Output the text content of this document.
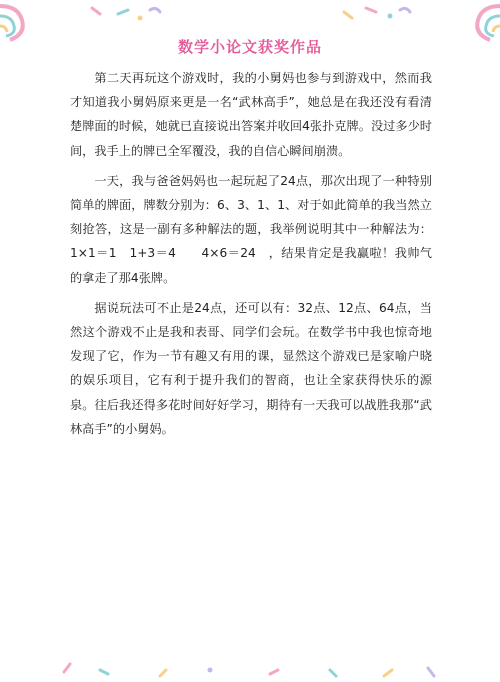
数学小论文获奖作品

第二天再玩这个游戏时，我的小舅妈也参与到游戏中，然而我才知道我小舅妈原来更是一名“武林高手”，她总是在我还没有看清楚牌面的时候，她就已直接说出答案并收回4张扑克牌。没过多少时间，我手上的牌已全军覆没，我的自信心瞬间崩溃。

一天，我与爸爸妈妈也一起玩起了24点，那次出现了一种特别简单的牌面，牌数分别为：6、3、1、1、对于如此简单的我当然立刻抢答，这是一副有多种解法的题，我举例说明其中一种解法为：1×1＝1　1+3＝4　　4×6＝24　，结果肯定是我赢啦！我帅气的拿走了那4张牌。

据说玩法可不止是24点，还可以有：32点、12点、64点，当然这个游戏不止是我和表哥、同学们会玩。在数学书中我也惊奇地发现了它，作为一节有趣又有用的课，显然这个游戏已是家喻户晓的娱乐项目，它有利于提升我们的智商，也让全家获得快乐的源泉。往后我还得多花时间好好学习，期待有一天我可以战胜我那“武林高手”的小舅妈。
